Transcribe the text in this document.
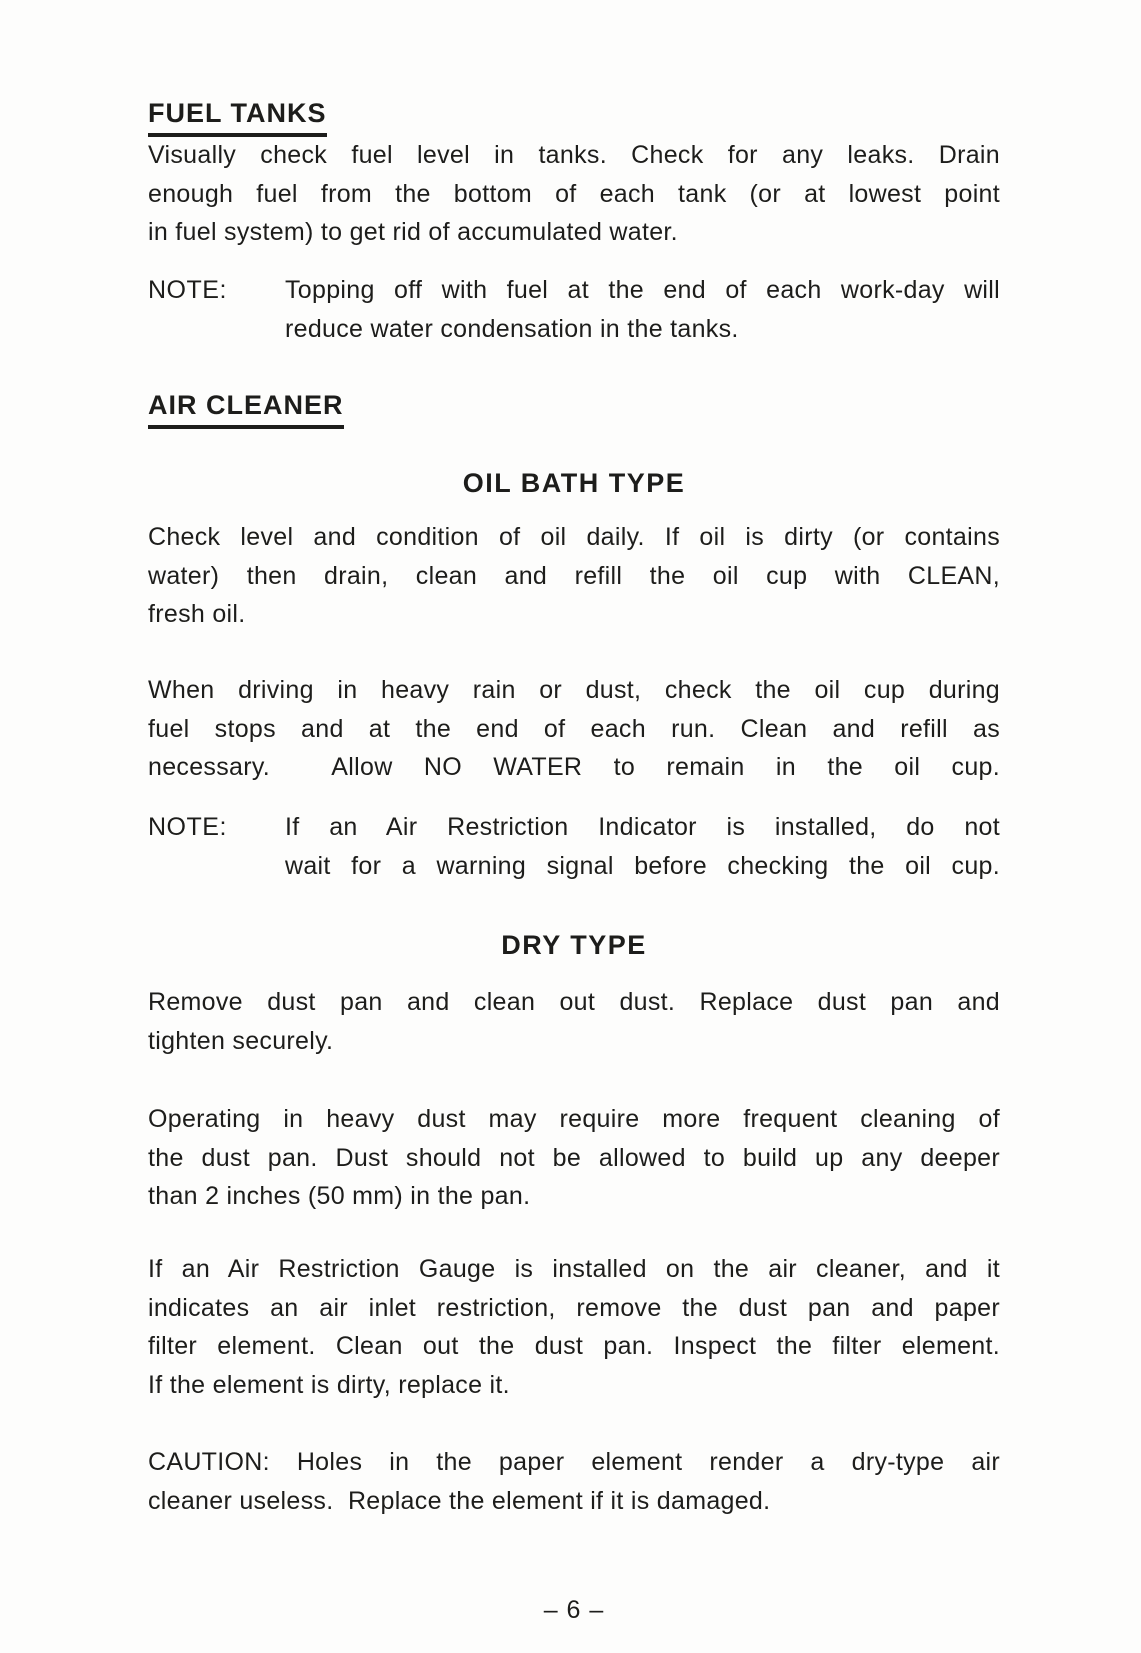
FUEL TANKS
Visually check fuel level in tanks. Check for any leaks. Drain
enough fuel from the bottom of each tank (or at lowest point
in fuel system) to get rid of accumulated water.
NOTE:	Topping off with fuel at the end of each work-day will
reduce water condensation in the tanks.
AIR CLEANER
OIL BATH TYPE
Check level and condition of oil daily. If oil is dirty (or contains
water) then drain, clean and refill the oil cup with CLEAN,
fresh oil.
When driving in heavy rain or dust, check the oil cup during
fuel stops and at the end of each run. Clean and refill as
necessary.  Allow NO WATER to remain in the oil cup.
NOTE:	If an Air Restriction Indicator is installed, do not
wait for a warning signal before checking the oil cup.
DRY TYPE
Remove dust pan and clean out dust. Replace dust pan and
tighten securely.
Operating in heavy dust may require more frequent cleaning of
the dust pan. Dust should not be allowed to build up any deeper
than 2 inches (50 mm) in the pan.
If an Air Restriction Gauge is installed on the air cleaner, and it
indicates an air inlet restriction, remove the dust pan and paper
filter element. Clean out the dust pan. Inspect the filter element.
If the element is dirty, replace it.
CAUTION: Holes in the paper element render a dry-type air
cleaner useless.  Replace the element if it is damaged.
– 6 –
